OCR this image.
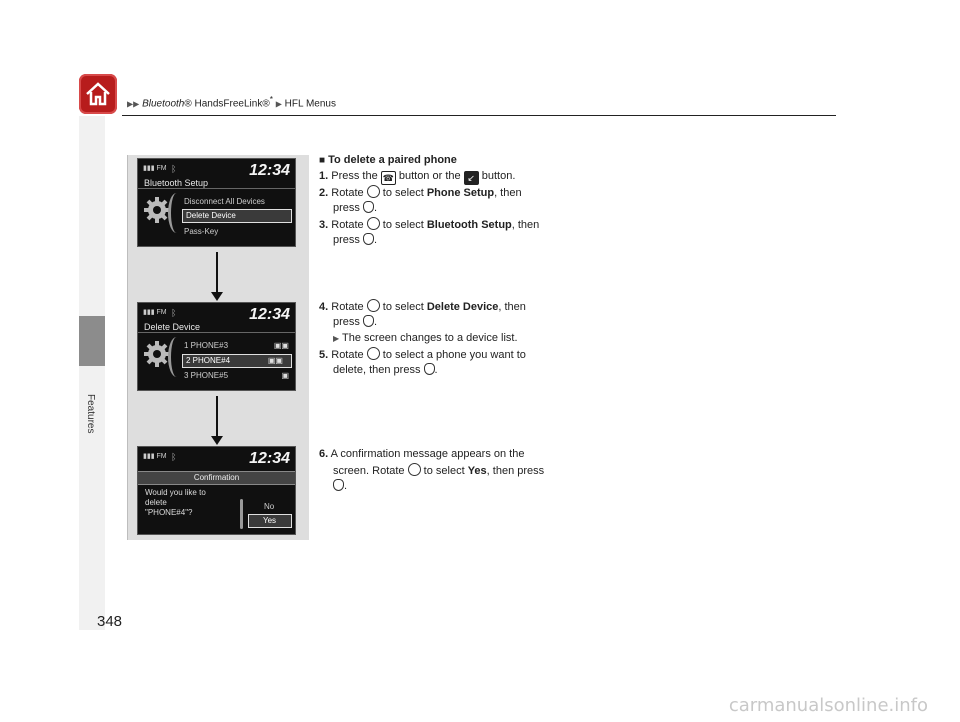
▶▶ Bluetooth® HandsFreeLink®* ▶ HFL Menus
Features
348
▮▮▮ FM ᛒ	12:34
Bluetooth Setup
Disconnect All Devices
Delete Device
Pass-Key
▮▮▮ FM ᛒ	12:34
Delete Device
1 PHONE#3	▣▣
2 PHONE#4	▣▣
3 PHONE#5	▣
▮▮▮ FM ᛒ	12:34
Confirmation
Would you like to
delete
"PHONE#4"?
No
Yes
■ To delete a paired phone
1. Press the ☎ button or the ↙ button.
2. Rotate to select Phone Setup, then
press .
3. Rotate to select Bluetooth Setup, then
press .
4. Rotate to select Delete Device, then
press .
▶ The screen changes to a device list.
5. Rotate to select a phone you want to
delete, then press .
6. A confirmation message appears on the
screen. Rotate to select Yes, then press
.
carmanualsonline.info
